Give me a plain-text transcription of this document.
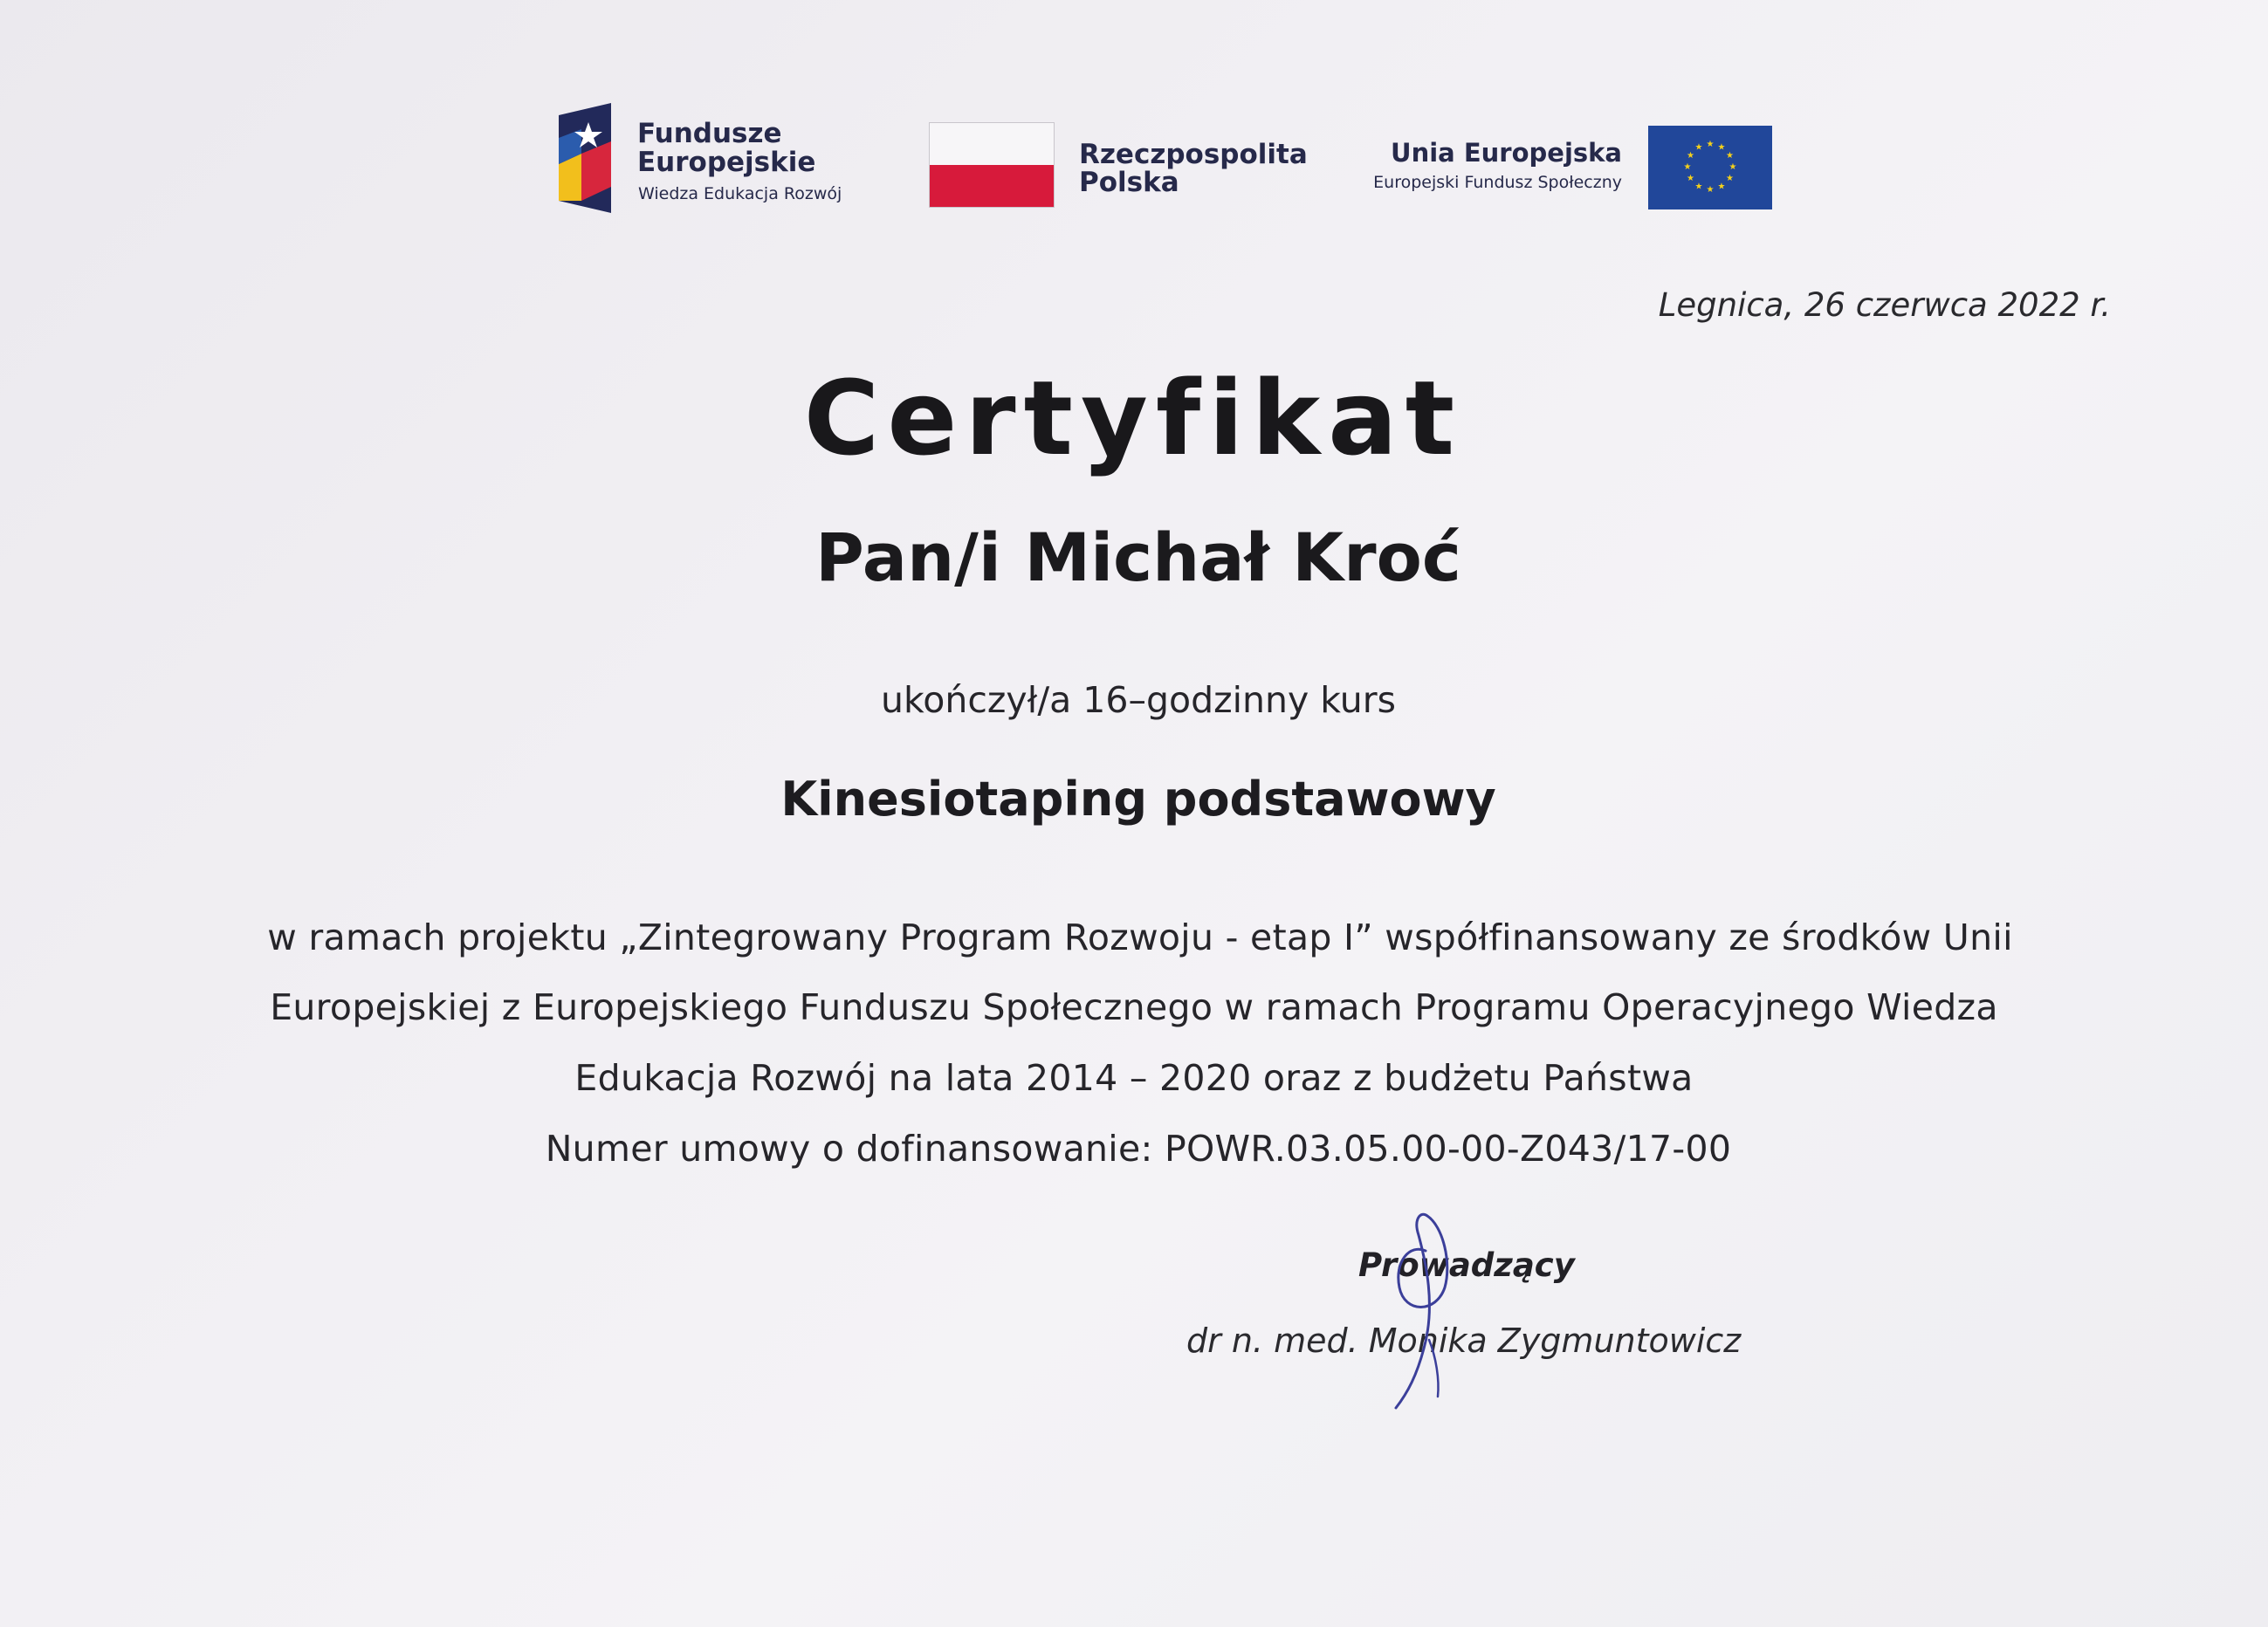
Fundusze
Europejskie
Wiedza Edukacja Rozwój
Rzeczpospolita
Polska
Unia Europejska
Europejski Fundusz Społeczny
★ ★
★
★
★
★
★
★
★
★
★
★
Legnica, 26 czerwca 2022 r.
Certyfikat
Pan/i Michał Kroć
ukończył/a 16–godzinny kurs
Kinesiotaping podstawowy
w ramach projektu „Zintegrowany Program Rozwoju - etap I” współfinansowany ze środków Unii
Europejskiej z Europejskiego Funduszu Społecznego w ramach Programu Operacyjnego Wiedza
Edukacja Rozwój na lata 2014 – 2020 oraz z budżetu Państwa
Numer umowy o dofinansowanie: POWR.03.05.00-00-Z043/17-00
Prowadzący
dr n. med. Monika Zygmuntowicz
